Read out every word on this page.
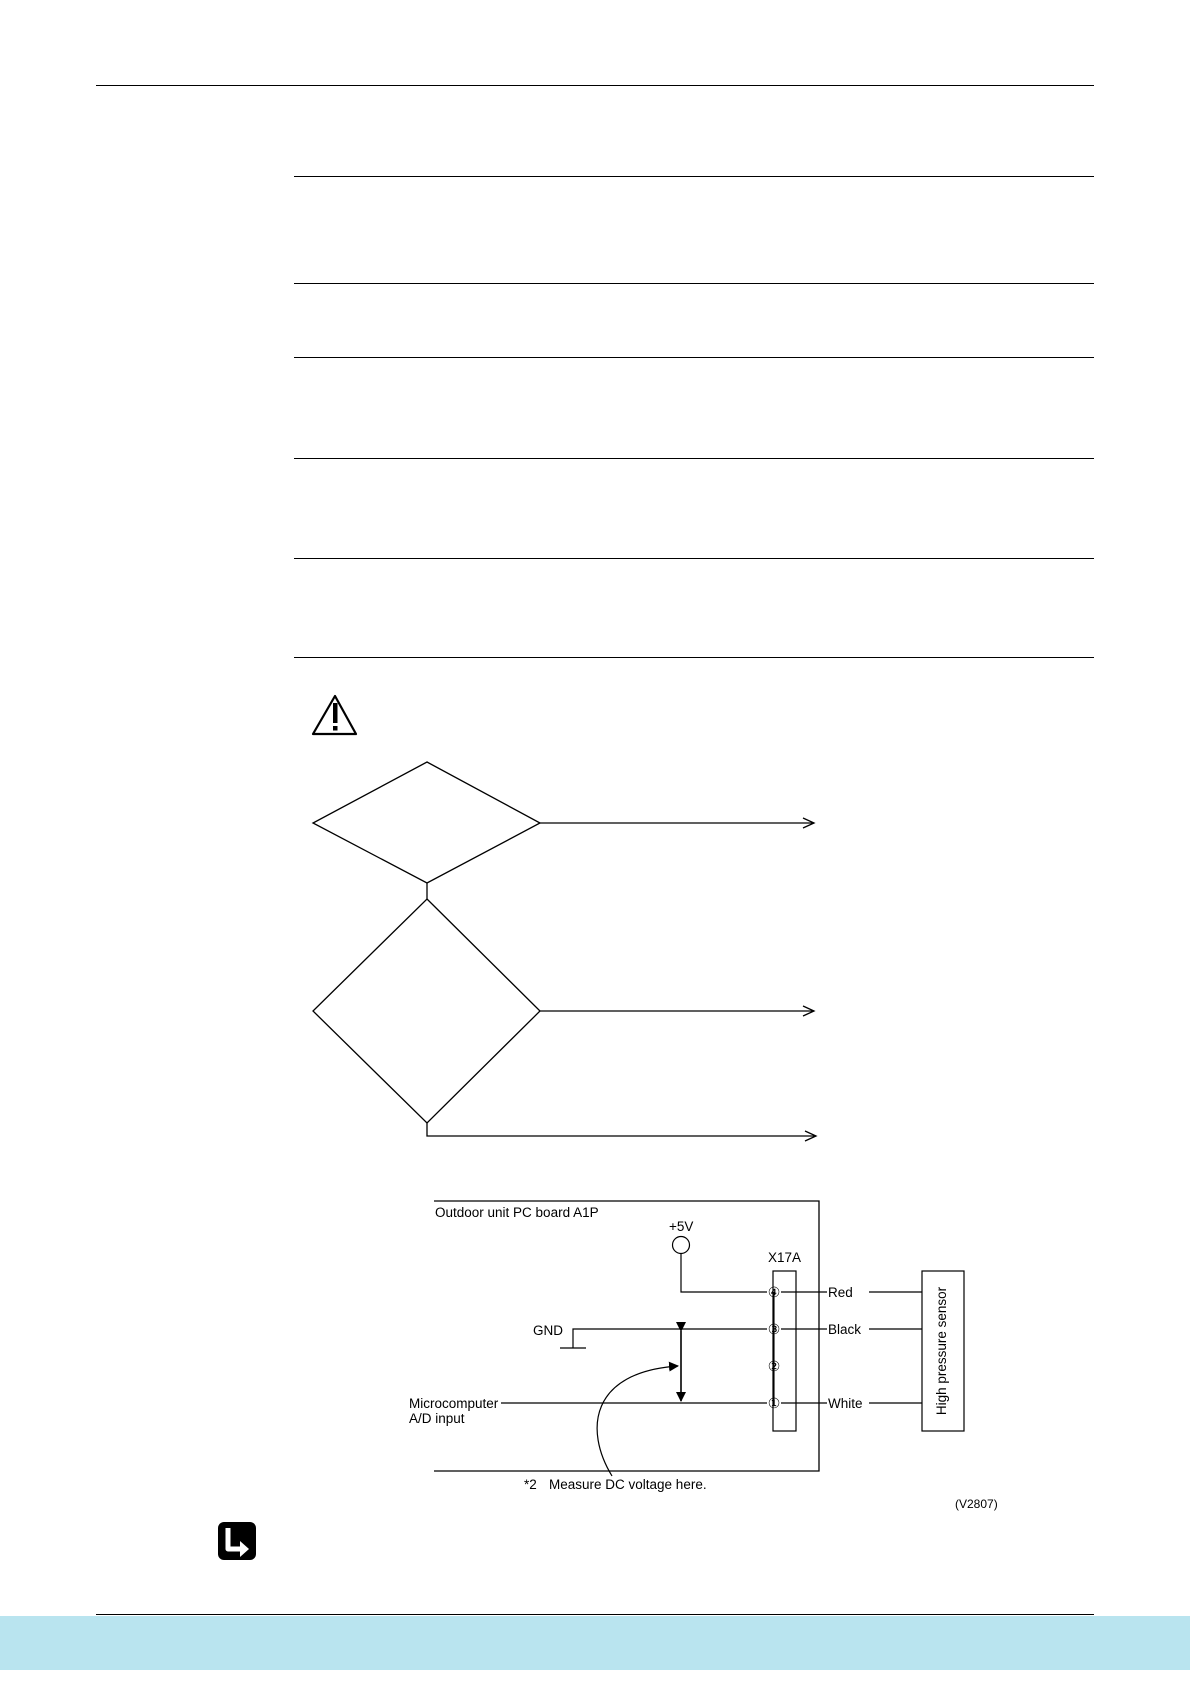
Outdoor unit PC board A1P
+5V
X17A
④
③
②
①
GND
Microcomputer
A/D input
Red
Black
White	High pressure sensor
*2 Measure DC voltage here.
(V2807)
